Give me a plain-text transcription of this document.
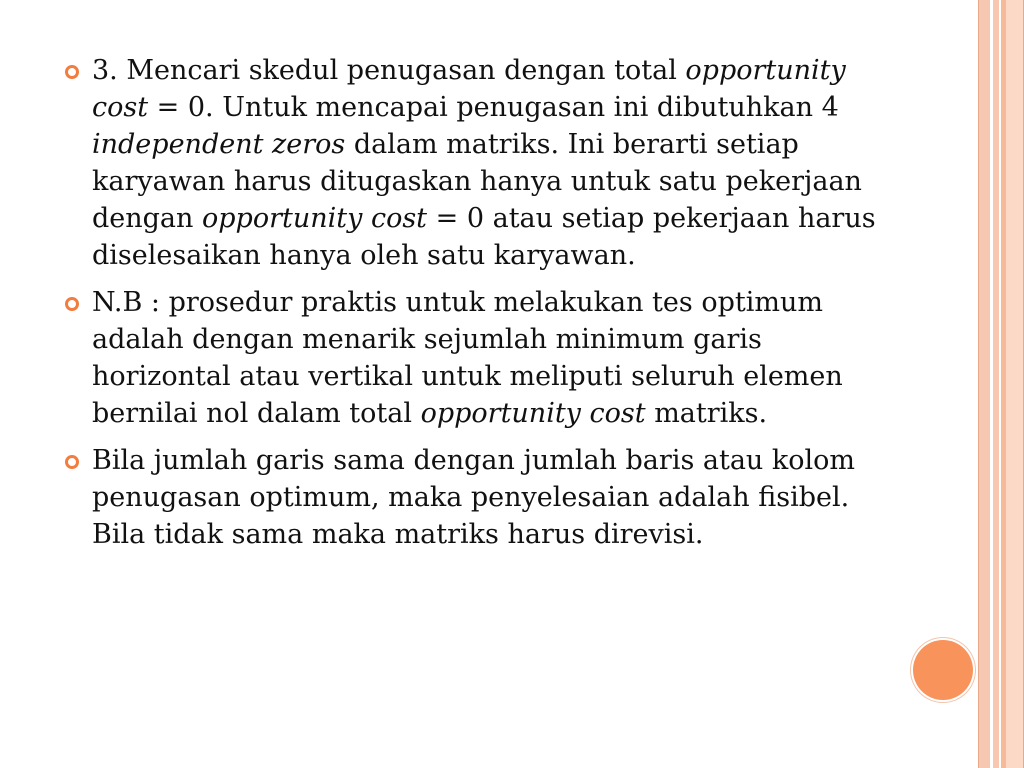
3. Mencari skedul penugasan dengan total opportunity cost = 0. Untuk mencapai penugasan ini dibutuhkan 4 independent zeros dalam matriks. Ini berarti setiap karyawan harus ditugaskan hanya untuk satu pekerjaan dengan opportunity cost = 0 atau setiap pekerjaan harus diselesaikan hanya oleh satu karyawan.
N.B : prosedur praktis untuk melakukan tes optimum adalah dengan menarik sejumlah minimum garis horizontal atau vertikal untuk meliputi seluruh elemen bernilai nol dalam total opportunity cost matriks.
Bila jumlah garis sama dengan jumlah baris atau kolom penugasan optimum, maka penyelesaian adalah fisibel. Bila tidak sama maka matriks harus direvisi.
